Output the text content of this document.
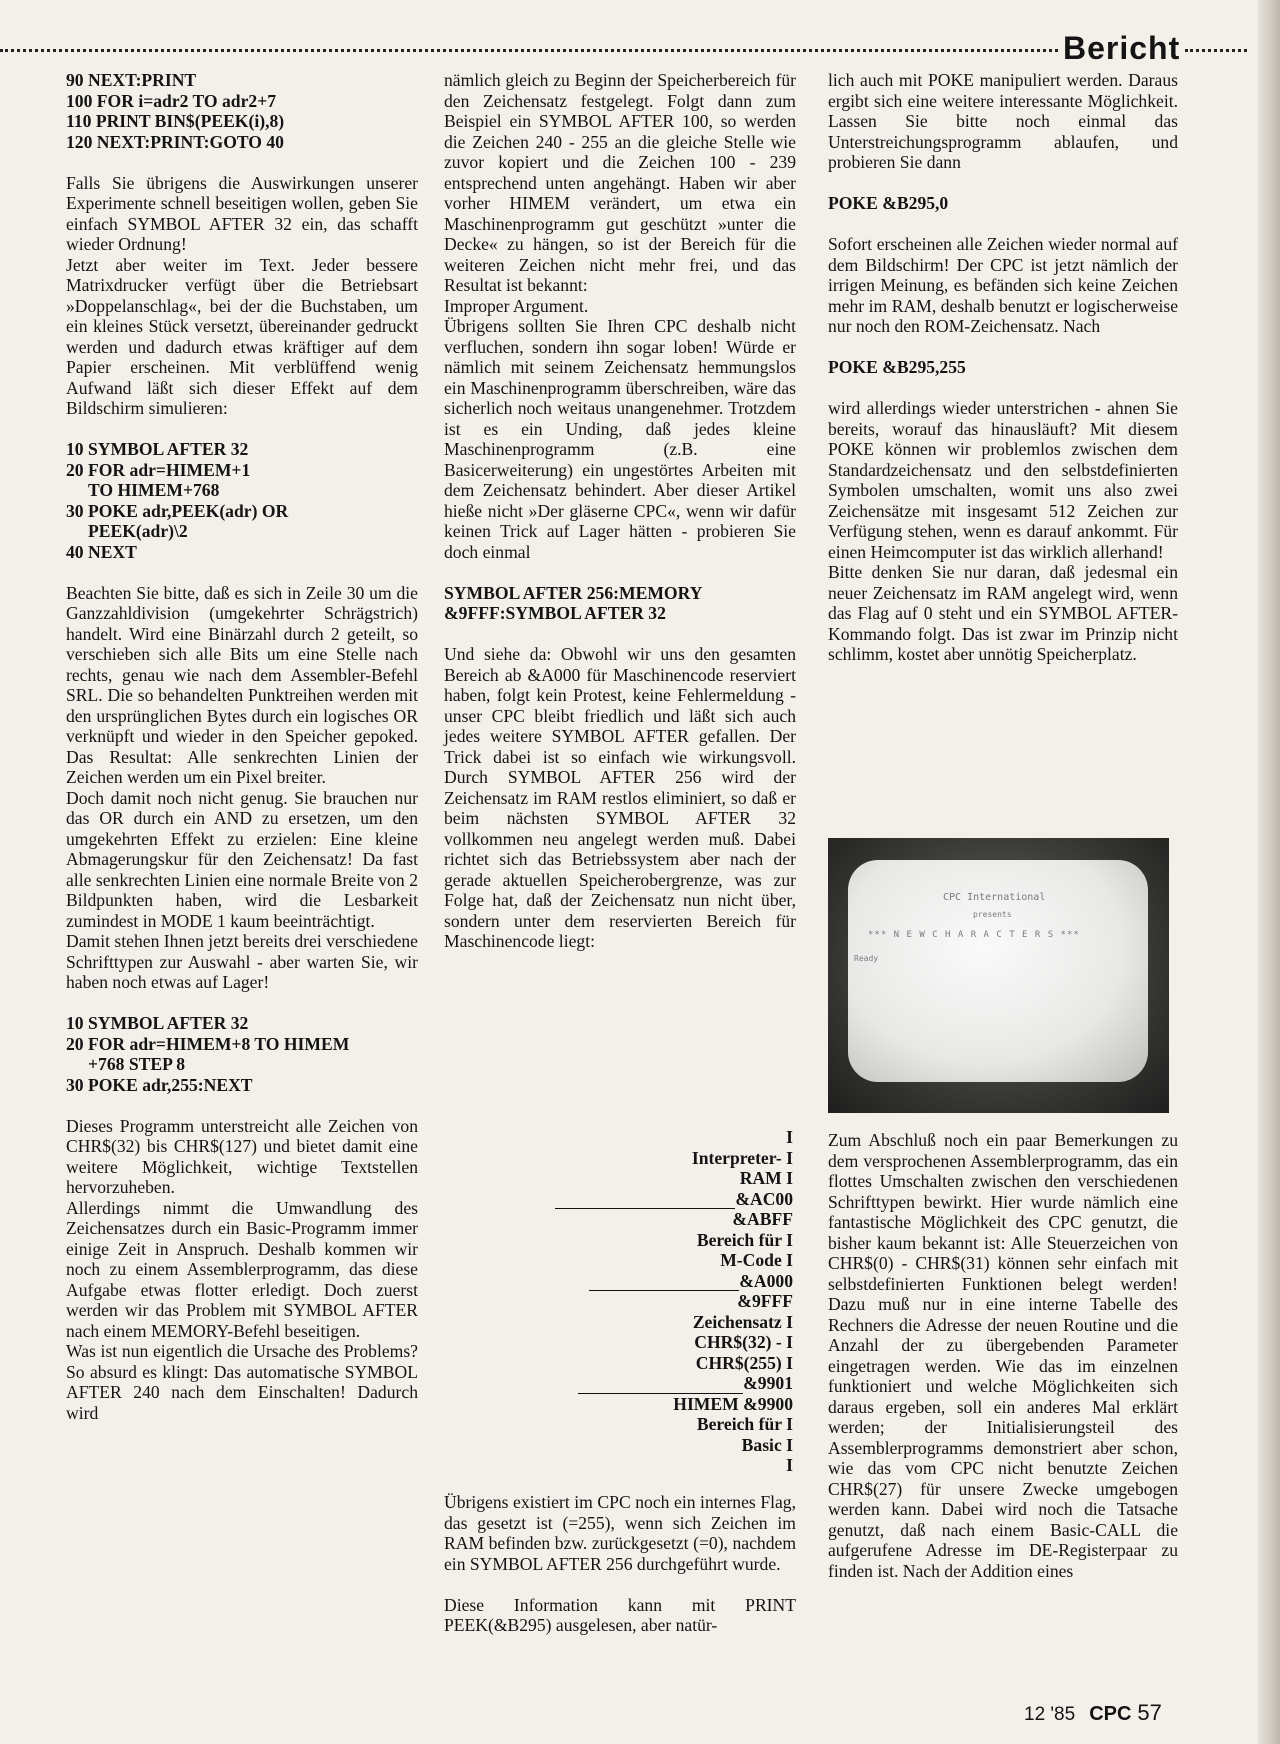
Bericht

90 NEXT:PRINT

100 FOR i=adr2 TO adr2+7

110 PRINT BIN$(PEEK(i),8)

120 NEXT:PRINT:GOTO 40

Falls Sie übrigens die Auswirkungen unserer Experimente schnell beseitigen wollen, geben Sie einfach SYMBOL AFTER 32 ein, das schafft wieder Ordnung!

Jetzt aber weiter im Text. Jeder bessere Matrixdrucker verfügt über die Betriebsart »Doppelanschlag«, bei der die Buchstaben, um ein kleines Stück versetzt, übereinander gedruckt werden und dadurch etwas kräftiger auf dem Papier erscheinen. Mit verblüffend wenig Aufwand läßt sich dieser Effekt auf dem Bildschirm simulieren:

10 SYMBOL AFTER 32

20 FOR adr=HIMEM+1

TO HIMEM+768

30 POKE adr,PEEK(adr) OR

PEEK(adr)\2

40 NEXT

Beachten Sie bitte, daß es sich in Zeile 30 um die Ganzzahldivision (umgekehrter Schrägstrich) handelt. Wird eine Binärzahl durch 2 geteilt, so verschieben sich alle Bits um eine Stelle nach rechts, genau wie nach dem Assembler-Befehl SRL. Die so behandelten Punktreihen werden mit den ursprünglichen Bytes durch ein logisches OR verknüpft und wieder in den Speicher gepoked. Das Resultat: Alle senkrechten Linien der Zeichen werden um ein Pixel breiter.

Doch damit noch nicht genug. Sie brauchen nur das OR durch ein AND zu ersetzen, um den umgekehrten Effekt zu erzielen: Eine kleine Abmagerungskur für den Zeichensatz! Da fast alle senkrechten Linien eine normale Breite von 2 Bildpunkten haben, wird die Lesbarkeit zumindest in MODE 1 kaum beeinträchtigt.

Damit stehen Ihnen jetzt bereits drei verschiedene Schrifttypen zur Auswahl - aber warten Sie, wir haben noch etwas auf Lager!

10 SYMBOL AFTER 32

20 FOR adr=HIMEM+8 TO HIMEM

+768 STEP 8

30 POKE adr,255:NEXT

Dieses Programm unterstreicht alle Zeichen von CHR$(32) bis CHR$(127) und bietet damit eine weitere Möglichkeit, wichtige Textstellen hervorzuheben.

Allerdings nimmt die Umwandlung des Zeichensatzes durch ein Basic-Programm immer einige Zeit in Anspruch. Deshalb kommen wir noch zu einem Assemblerprogramm, das diese Aufgabe etwas flotter erledigt. Doch zuerst werden wir das Problem mit SYMBOL AFTER nach einem MEMORY-Befehl beseitigen.

Was ist nun eigentlich die Ursache des Problems? So absurd es klingt: Das automatische SYMBOL AFTER 240 nach dem Einschalten! Dadurch wird

nämlich gleich zu Beginn der Speicherbereich für den Zeichensatz festgelegt. Folgt dann zum Beispiel ein SYMBOL AFTER 100, so werden die Zeichen 240 - 255 an die gleiche Stelle wie zuvor kopiert und die Zeichen 100 - 239 entsprechend unten angehängt. Haben wir aber vorher HIMEM verändert, um etwa ein Maschinenprogramm gut geschützt »unter die Decke« zu hängen, so ist der Bereich für die weiteren Zeichen nicht mehr frei, und das Resultat ist bekannt:

Improper Argument.

Übrigens sollten Sie Ihren CPC deshalb nicht verfluchen, sondern ihn sogar loben! Würde er nämlich mit seinem Zeichensatz hemmungslos ein Maschinenprogramm überschreiben, wäre das sicherlich noch weitaus unangenehmer. Trotzdem ist es ein Unding, daß jedes kleine Maschinenprogramm (z.B. eine Basicerweiterung) ein ungestörtes Arbeiten mit dem Zeichensatz behindert. Aber dieser Artikel hieße nicht »Der gläserne CPC«, wenn wir dafür keinen Trick auf Lager hätten - probieren Sie doch einmal

SYMBOL AFTER 256:MEMORY

&9FFF:SYMBOL AFTER 32

Und siehe da: Obwohl wir uns den gesamten Bereich ab &A000 für Maschinencode reserviert haben, folgt kein Protest, keine Fehlermeldung - unser CPC bleibt friedlich und läßt sich auch jedes weitere SYMBOL AFTER gefallen. Der Trick dabei ist so einfach wie wirkungsvoll. Durch SYMBOL AFTER 256 wird der Zeichensatz im RAM restlos eliminiert, so daß er beim nächsten SYMBOL AFTER 32 vollkommen neu angelegt werden muß. Dabei richtet sich das Betriebssystem aber nach der gerade aktuellen Speicherobergrenze, was zur Folge hat, daß der Zeichensatz nun nicht über, sondern unter dem reservierten Bereich für Maschinencode liegt:

I
Interpreter- I
RAM I
&AC00
&ABFF
Bereich für I
M-Code I
&A000
&9FFF
Zeichensatz I
CHR$(32) - I
CHR$(255) I
&9901
HIMEM &9900
Bereich für I
Basic I
I

Übrigens existiert im CPC noch ein internes Flag, das gesetzt ist (=255), wenn sich Zeichen im RAM befinden bzw. zurückgesetzt (=0), nachdem ein SYMBOL AFTER 256 durchgeführt wurde.

Diese Information kann mit PRINT PEEK(&B295) ausgelesen, aber natür-

lich auch mit POKE manipuliert werden. Daraus ergibt sich eine weitere interessante Möglichkeit. Lassen Sie bitte noch einmal das Unterstreichungsprogramm ablaufen, und probieren Sie dann

POKE &B295,0

Sofort erscheinen alle Zeichen wieder normal auf dem Bildschirm! Der CPC ist jetzt nämlich der irrigen Meinung, es befänden sich keine Zeichen mehr im RAM, deshalb benutzt er logischerweise nur noch den ROM-Zeichensatz. Nach

POKE &B295,255

wird allerdings wieder unterstrichen - ahnen Sie bereits, worauf das hinausläuft? Mit diesem POKE können wir problemlos zwischen dem Standardzeichensatz und den selbstdefinierten Symbolen umschalten, womit uns also zwei Zeichensätze mit insgesamt 512 Zeichen zur Verfügung stehen, wenn es darauf ankommt. Für einen Heimcomputer ist das wirklich allerhand!

Bitte denken Sie nur daran, daß jedesmal ein neuer Zeichensatz im RAM angelegt wird, wenn das Flag auf 0 steht und ein SYMBOL AFTER-Kommando folgt. Das ist zwar im Prinzip nicht schlimm, kostet aber unnötig Speicherplatz.

CPC International
presents
*** N E W C H A R A C T E R S ***
Ready

Zum Abschluß noch ein paar Bemerkungen zu dem versprochenen Assemblerprogramm, das ein flottes Umschalten zwischen den verschiedenen Schrifttypen bewirkt. Hier wurde nämlich eine fantastische Möglichkeit des CPC genutzt, die bisher kaum bekannt ist: Alle Steuerzeichen von CHR$(0) - CHR$(31) können sehr einfach mit selbstdefinierten Funktionen belegt werden! Dazu muß nur in eine interne Tabelle des Rechners die Adresse der neuen Routine und die Anzahl der zu übergebenden Parameter eingetragen werden. Wie das im einzelnen funktioniert und welche Möglichkeiten sich daraus ergeben, soll ein anderes Mal erklärt werden; der Initialisierungsteil des Assemblerprogramms demonstriert aber schon, wie das vom CPC nicht benutzte Zeichen CHR$(27) für unsere Zwecke umgebogen werden kann. Dabei wird noch die Tatsache genutzt, daß nach einem Basic-CALL die aufgerufene Adresse im DE-Registerpaar zu finden ist. Nach der Addition eines

12 '85 CPC 57
